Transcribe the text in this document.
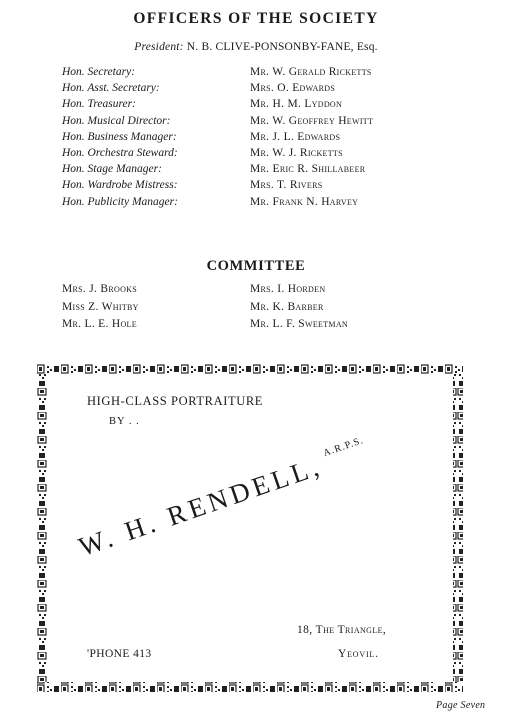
OFFICERS OF THE SOCIETY
President: N. B. CLIVE-PONSONBY-FANE, Esq.
Hon. Secretary:	Mr. W. Gerald Ricketts
Hon. Asst. Secretary:	Mrs. O. Edwards
Hon. Treasurer:	Mr. H. M. Lyddon
Hon. Musical Director:	Mr. W. Geoffrey Hewitt
Hon. Business Manager:	Mr. J. L. Edwards
Hon. Orchestra Steward:	Mr. W. J. Ricketts
Hon. Stage Manager:	Mr. Eric R. Shillabeer
Hon. Wardrobe Mistress:	Mrs. T. Rivers
Hon. Publicity Manager:	Mr. Frank N. Harvey
COMMITTEE
Mrs. J. Brooks	Mrs. I. Horden
Miss Z. Whitby	Mr. K. Barber
Mr. L. E. Hole	Mr. L. F. Sweetman
HIGH-CLASS PORTRAITURE
BY . .
W. H. RENDELL,$^{A.R.P.S.}$
18, The Triangle,
'PHONE 413	Yeovil.
Page Seven
